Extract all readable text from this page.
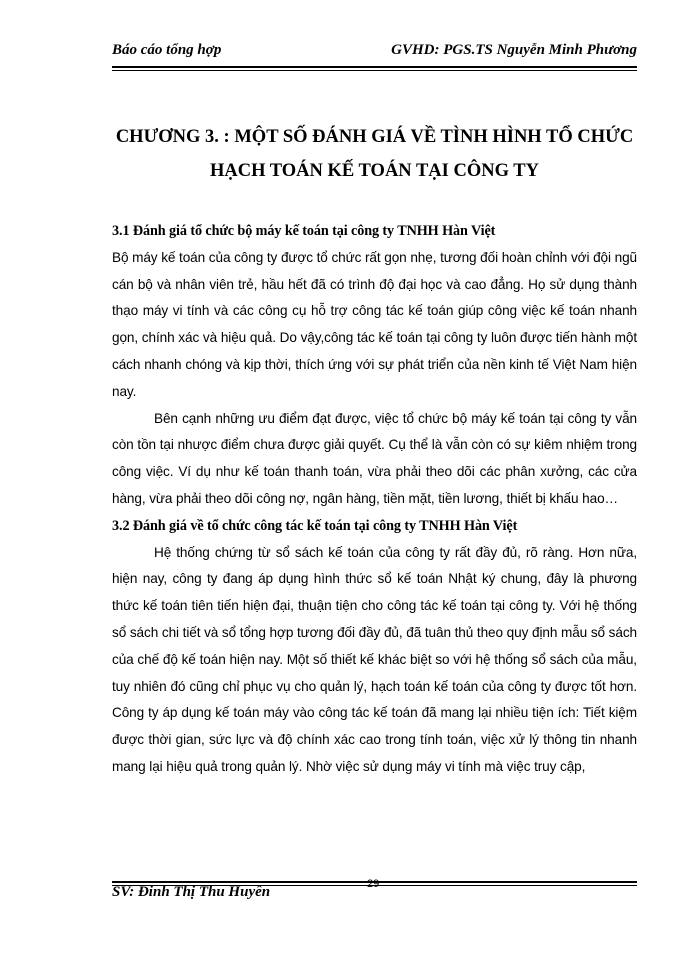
Báo cáo tổng hợp	GVHD: PGS.TS Nguyễn Minh Phương
CHƯƠNG 3. : MỘT SỐ ĐÁNH GIÁ VỀ TÌNH HÌNH TỔ CHỨC
HẠCH TOÁN KẾ TOÁN TẠI CÔNG TY
3.1 Đánh giá tổ chức bộ máy kế toán tại công ty TNHH Hàn Việt

Bộ máy kế toán của công ty được tổ chức rất gọn nhẹ, tương đối hoàn chỉnh với đội ngũ cán bộ và nhân viên trẻ, hầu hết đã có trình độ đại học và cao đẳng. Họ sử dụng thành thạo máy vi tính và các công cụ hỗ trợ công tác kế toán giúp công việc kế toán nhanh gọn, chính xác và hiệu quả. Do vậy,công tác kế toán tại công ty luôn được tiến hành một cách nhanh chóng và kịp thời, thích ứng với sự phát triển của nền kinh tế Việt Nam hiện nay.

Bên cạnh những ưu điểm đạt được, việc tổ chức bộ máy kế toán tại công ty vẫn còn tồn tại nhược điểm chưa được giải quyết. Cụ thể là vẫn còn có sự kiêm nhiệm trong công việc. Ví dụ như kế toán thanh toán, vừa phải theo dõi các phân xưởng, các cửa hàng, vừa phải theo dõi công nợ, ngân hàng, tiền mặt, tiền lương, thiết bị khấu hao…

3.2 Đánh giá về tổ chức công tác kế toán tại công ty TNHH Hàn Việt

Hệ thống chứng từ sổ sách kế toán của công ty rất đầy đủ, rõ ràng. Hơn nữa, hiện nay, công ty đang áp dụng hình thức sổ kế toán Nhật ký chung, đây là phương thức kế toán tiên tiến hiện đại, thuận tiện cho công tác kế toán tại công ty. Với hệ thống sổ sách chi tiết và sổ tổng hợp tương đối đầy đủ, đã tuân thủ theo quy định mẫu sổ sách của chế độ kế toán hiện nay. Một số thiết kế khác biệt so với hệ thống sổ sách của mẫu, tuy nhiên đó cũng chỉ phục vụ cho quản lý, hạch toán kế toán của công ty được tốt hơn. Công ty áp dụng kế toán máy vào công tác kế toán đã mang lại nhiều tiện ích: Tiết kiệm được thời gian, sức lực và độ chính xác cao trong tính toán, việc xử lý thông tin nhanh mang lại hiệu quả trong quản lý. Nhờ việc sử dụng máy vi tính mà việc truy cập,

SV: Đinh Thị Thu Huyền	29
